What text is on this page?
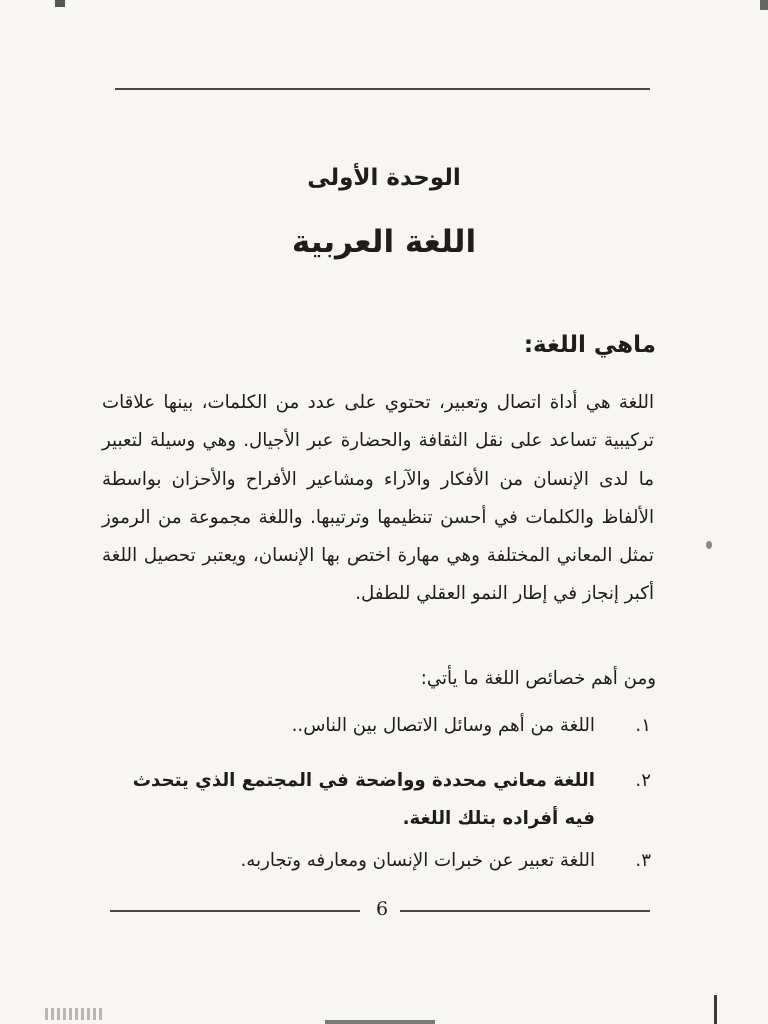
الوحدة الأولى
اللغة العربية
ماهي اللغة:

اللغة هي أداة اتصال وتعبير، تحتوي على عدد من الكلمات، بينها علاقات تركيبية تساعد على نقل الثقافة والحضارة عبر الأجيال. وهي وسيلة لتعبير ما لدى الإنسان من الأفكار والآراء ومشاعير الأفراح والأحزان بواسطة الألفاظ والكلمات في أحسن تنظيمها وترتيبها. واللغة مجموعة من الرموز تمثل المعاني المختلفة وهي مهارة اختص بها الإنسان، ويعتبر تحصيل اللغة أكبر إنجاز في إطار النمو العقلي للطفل.

ومن أهم خصائص اللغة ما يأتي:

١.
اللغة من أهم وسائل الاتصال بين الناس..
٢.
اللغة معاني محددة وواضحة في المجتمع الذي يتحدث فيه أفراده بتلك اللغة.
٣.
اللغة تعبير عن خبرات الإنسان ومعارفه وتجاربه.
6
